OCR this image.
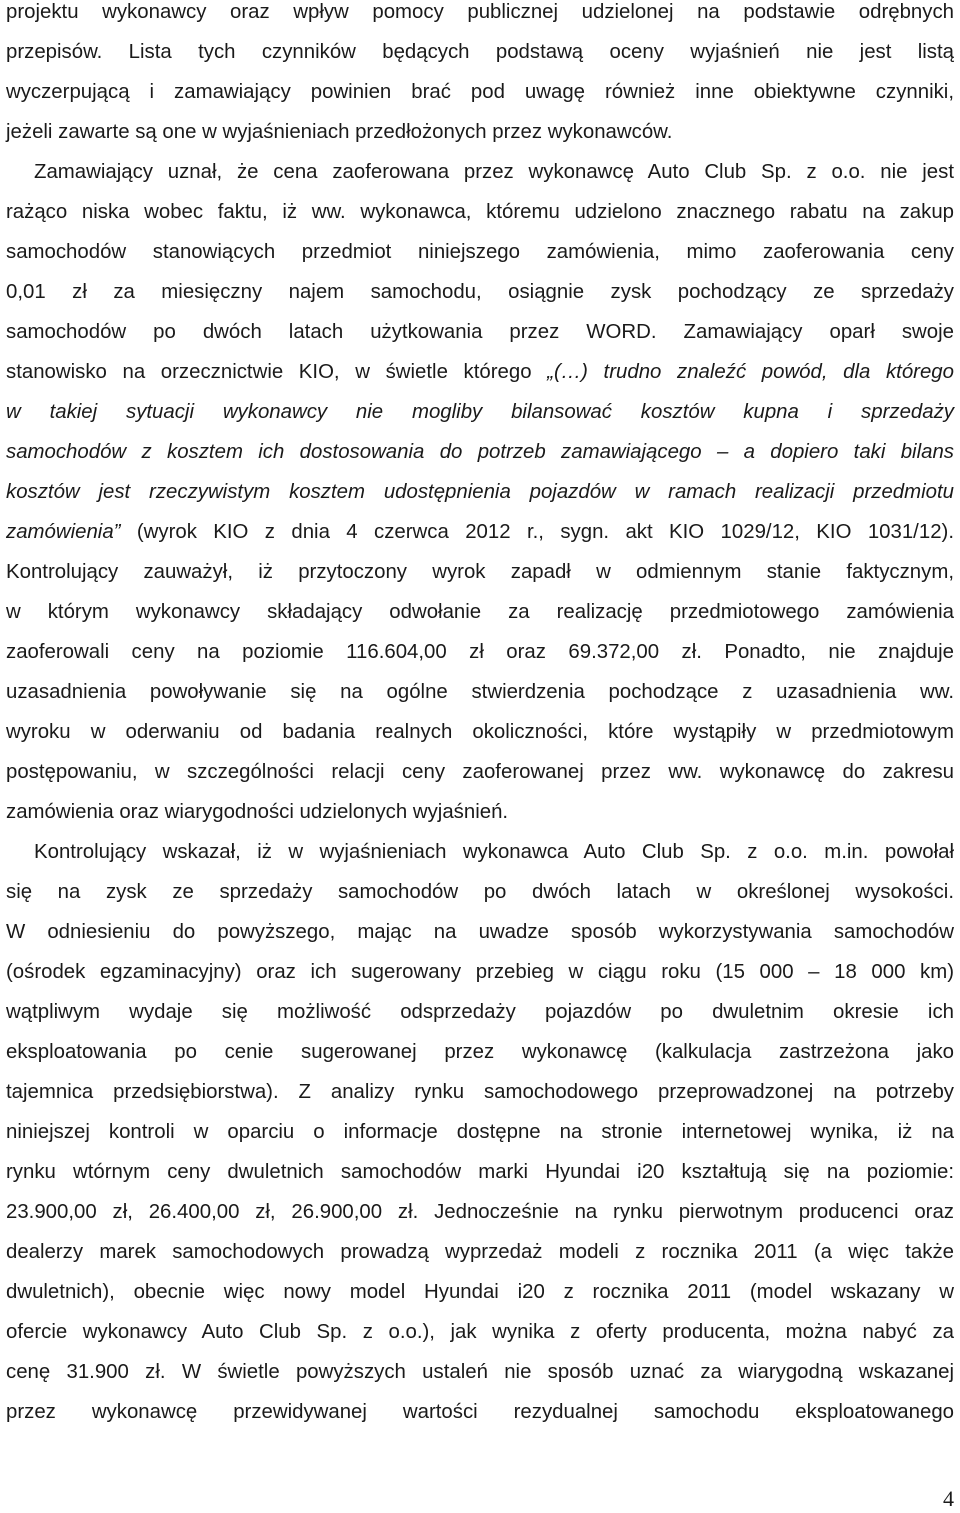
projektu wykonawcy oraz wpływ pomocy publicznej udzielonej na podstawie odrębnych
przepisów. Lista tych czynników będących podstawą oceny wyjaśnień nie jest listą
wyczerpującą i zamawiający powinien brać pod uwagę również inne obiektywne czynniki,
jeżeli zawarte są one w wyjaśnieniach przedłożonych przez wykonawców.
Zamawiający uznał, że cena zaoferowana przez wykonawcę Auto Club Sp. z o.o. nie jest
rażąco niska wobec faktu, iż ww. wykonawca, któremu udzielono znacznego rabatu na zakup
samochodów stanowiących przedmiot niniejszego zamówienia, mimo zaoferowania ceny
0,01 zł za miesięczny najem samochodu, osiągnie zysk pochodzący ze sprzedaży
samochodów po dwóch latach użytkowania przez WORD. Zamawiający oparł swoje
stanowisko na orzecznictwie KIO, w świetle którego „(…) trudno znaleźć powód, dla którego
w takiej sytuacji wykonawcy nie mogliby bilansować kosztów kupna i sprzedaży
samochodów z kosztem ich dostosowania do potrzeb zamawiającego – a dopiero taki bilans
kosztów jest rzeczywistym kosztem udostępnienia pojazdów w ramach realizacji przedmiotu
zamówienia” (wyrok KIO z dnia 4 czerwca 2012 r., sygn. akt KIO 1029/12, KIO 1031/12).
Kontrolujący zauważył, iż przytoczony wyrok zapadł w odmiennym stanie faktycznym,
w którym wykonawcy składający odwołanie za realizację przedmiotowego zamówienia
zaoferowali ceny na poziomie 116.604,00 zł oraz 69.372,00 zł. Ponadto, nie znajduje
uzasadnienia powoływanie się na ogólne stwierdzenia pochodzące z uzasadnienia ww.
wyroku w oderwaniu od badania realnych okoliczności, które wystąpiły w przedmiotowym
postępowaniu, w szczególności relacji ceny zaoferowanej przez ww. wykonawcę do zakresu
zamówienia oraz wiarygodności udzielonych wyjaśnień.
Kontrolujący wskazał, iż w wyjaśnieniach wykonawca Auto Club Sp. z o.o. m.in. powołał
się na zysk ze sprzedaży samochodów po dwóch latach w określonej wysokości.
W odniesieniu do powyższego, mając na uwadze sposób wykorzystywania samochodów
(ośrodek egzaminacyjny) oraz ich sugerowany przebieg w ciągu roku (15 000 – 18 000 km)
wątpliwym wydaje się możliwość odsprzedaży pojazdów po dwuletnim okresie ich
eksploatowania po cenie sugerowanej przez wykonawcę (kalkulacja zastrzeżona jako
tajemnica przedsiębiorstwa). Z analizy rynku samochodowego przeprowadzonej na potrzeby
niniejszej kontroli w oparciu o informacje dostępne na stronie internetowej wynika, iż na
rynku wtórnym ceny dwuletnich samochodów marki Hyundai i20 kształtują się na poziomie:
23.900,00 zł, 26.400,00 zł, 26.900,00 zł. Jednocześnie na rynku pierwotnym producenci oraz
dealerzy marek samochodowych prowadzą wyprzedaż modeli z rocznika 2011 (a więc także
dwuletnich), obecnie więc nowy model Hyundai i20 z rocznika 2011 (model wskazany w
ofercie wykonawcy Auto Club Sp. z o.o.), jak wynika z oferty producenta, można nabyć za
cenę 31.900 zł. W świetle powyższych ustaleń nie sposób uznać za wiarygodną wskazanej
przez wykonawcę przewidywanej wartości rezydualnej samochodu eksploatowanego
4
